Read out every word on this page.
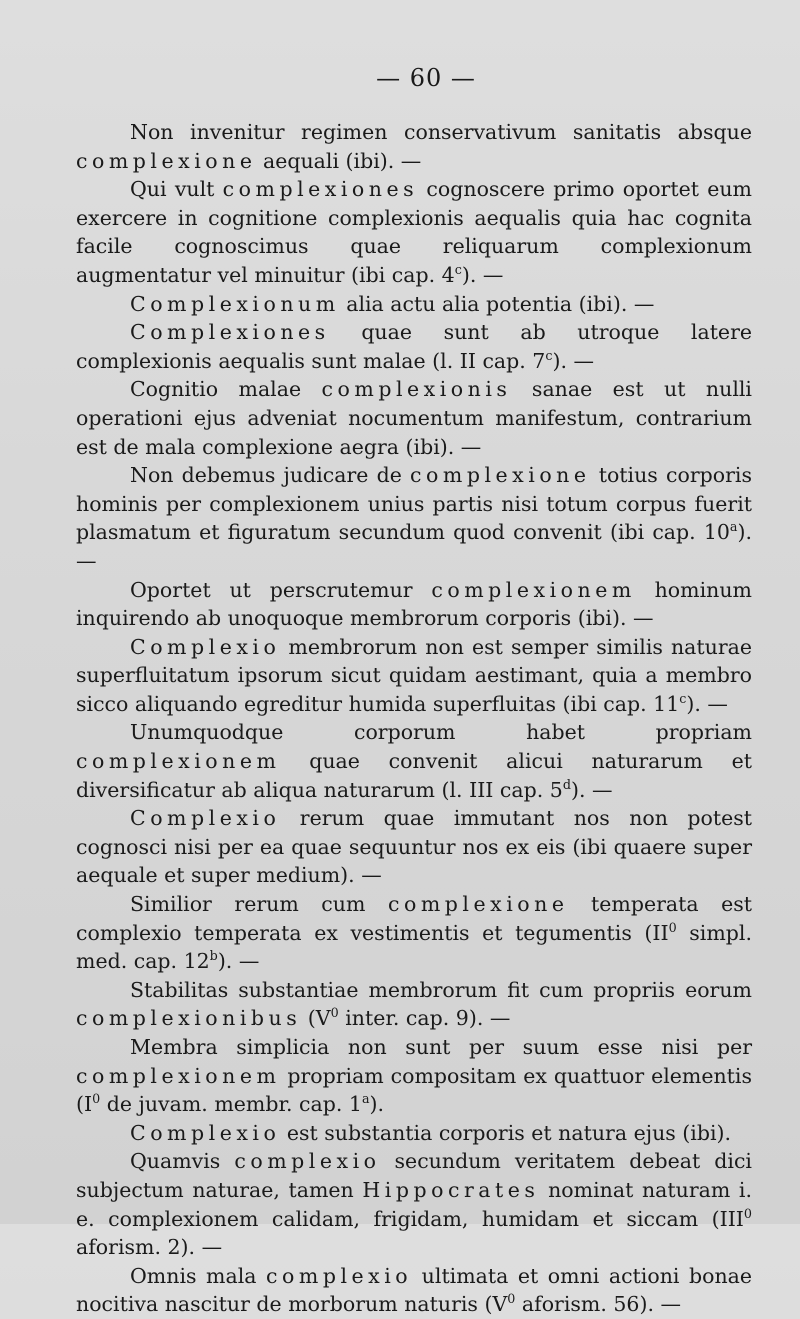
— 60 —

Non invenitur regimen conservativum sanitatis absque complexione aequali (ibi). —

Qui vult complexiones cognoscere primo oportet eum exercere in cognitione complexionis aequalis quia hac cognita facile cognoscimus quae reliquarum complexionum augmentatur vel minuitur (ibi cap. 4$^c$). —

Complexionum alia actu alia potentia (ibi). —

Complexiones quae sunt ab utroque latere complexionis aequalis sunt malae (l. II cap. 7$^c$). —

Cognitio malae complexionis sanae est ut nulli operationi ejus adveniat nocumentum manifestum, contrarium est de mala complexione aegra (ibi). —

Non debemus judicare de complexione totius corporis hominis per complexionem unius partis nisi totum corpus fuerit plasmatum et figuratum secundum quod convenit (ibi cap. 10$^a$). —

Oportet ut perscrutemur complexionem hominum inquirendo ab unoquoque membrorum corporis (ibi). —

Complexio membrorum non est semper similis naturae superfluitatum ipsorum sicut quidam aestimant, quia a membro sicco aliquando egreditur humida superfluitas (ibi cap. 11$^c$). —

Unumquodque corporum habet propriam complexionem quae convenit alicui naturarum et diversificatur ab aliqua naturarum (l. III cap. 5$^d$). —

Complexio rerum quae immutant nos non potest cognosci nisi per ea quae sequuntur nos ex eis (ibi quaere super aequale et super medium). —

Similior rerum cum complexione temperata est complexio temperata ex vestimentis et tegumentis ($II^0$ simpl. med. cap. 12$^b$). —

Stabilitas substantiae membrorum fit cum propriis eorum complexionibus ($V^0$ inter. cap. 9). —

Membra simplicia non sunt per suum esse nisi per complexionem propriam compositam ex quattuor elementis ($I^0$ de juvam. membr. cap. 1$^a$).

Complexio est substantia corporis et natura ejus (ibi).

Quamvis complexio secundum veritatem debeat dici subjectum naturae, tamen Hippocrates nominat naturam i. e. complexionem calidam, frigidam, humidam et siccam (III$^0$ aforism. 2). —

Omnis mala complexio ultimata et omni actioni bonae nocitiva nascitur de morborum naturis ($V^0$ aforism. 56). —
